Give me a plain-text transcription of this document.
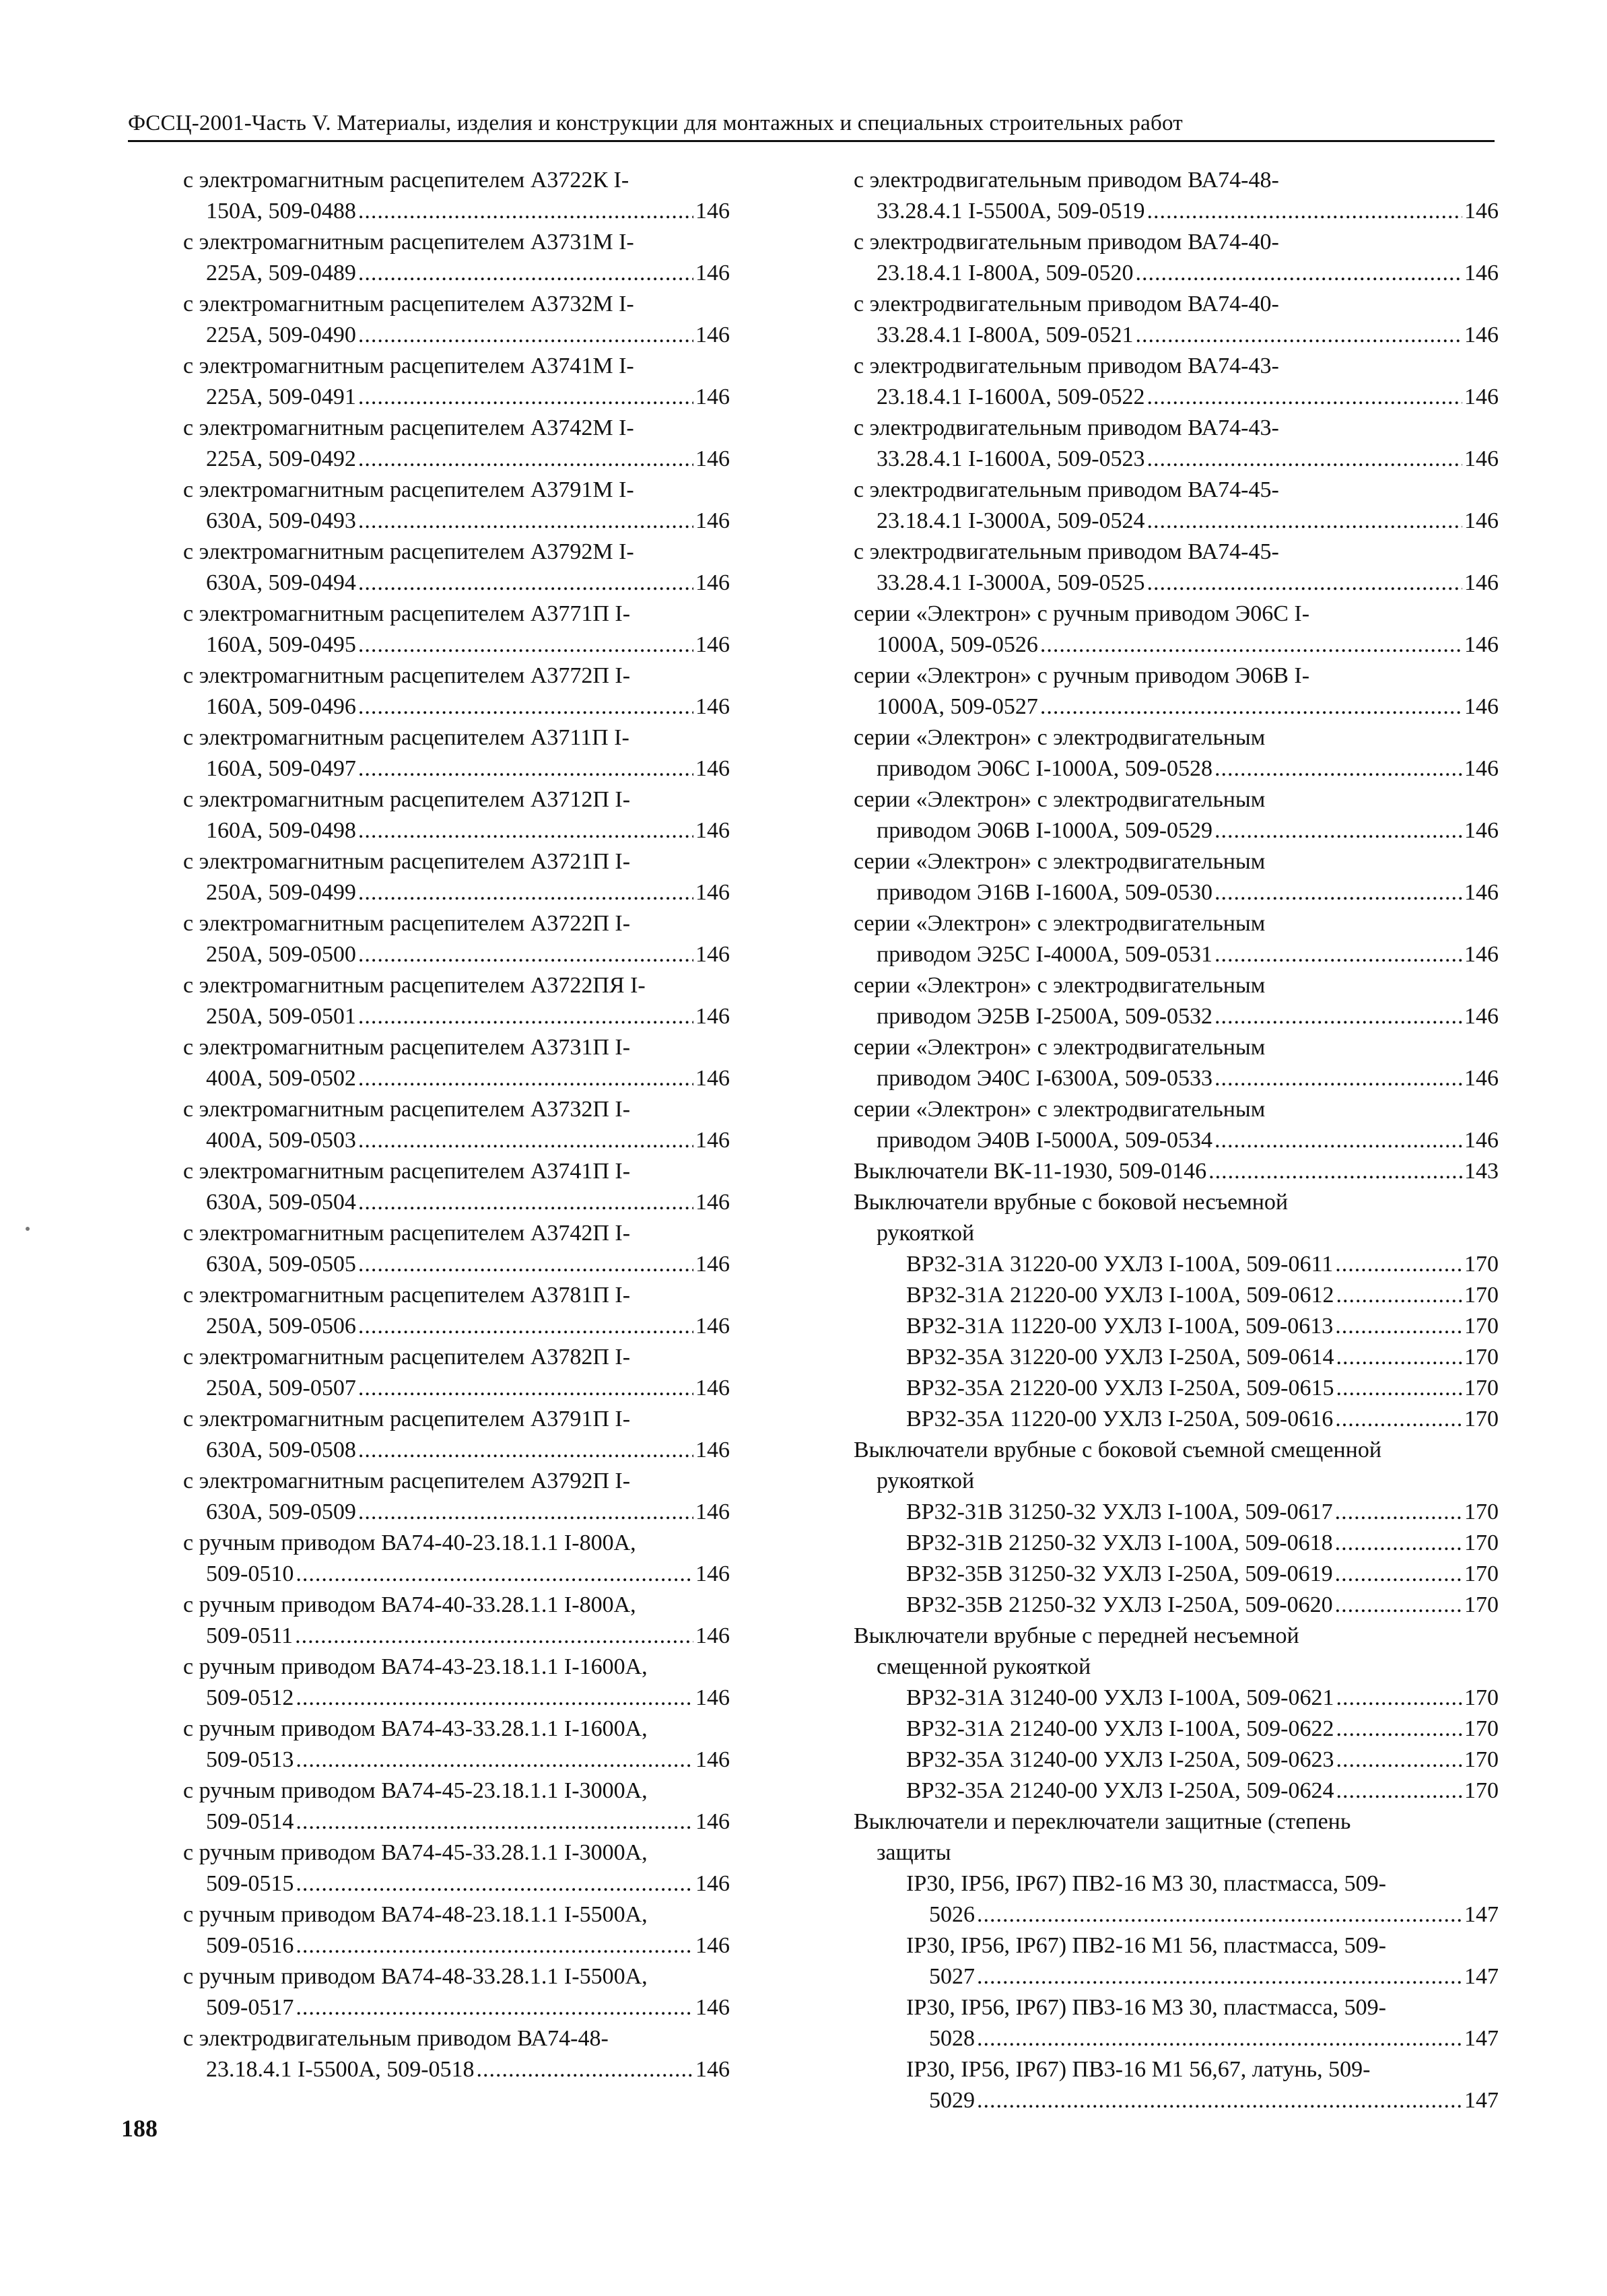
ФССЦ-2001-Часть V. Материалы, изделия и конструкции для монтажных и специальных строительных работ
с электромагнитным расцепителем А3722К I-
150А, 509-0488 .....	146
с электромагнитным расцепителем А3731М I-
225А, 509-0489 .....	146
с электромагнитным расцепителем А3732М I-
225А, 509-0490 .....	146
с электромагнитным расцепителем А3741М I-
225А, 509-0491 .....	146
с электромагнитным расцепителем А3742М I-
225А, 509-0492 .....	146
с электромагнитным расцепителем А3791М I-
630А, 509-0493 .....	146
с электромагнитным расцепителем А3792М I-
630А, 509-0494 .....	146
с электромагнитным расцепителем А3771П I-
160А, 509-0495 .....	146
с электромагнитным расцепителем А3772П I-
160А, 509-0496 .....	146
с электромагнитным расцепителем А3711П I-
160А, 509-0497 .....	146
с электромагнитным расцепителем А3712П I-
160А, 509-0498 .....	146
с электромагнитным расцепителем А3721П I-
250А, 509-0499 .....	146
с электромагнитным расцепителем А3722П I-
250А, 509-0500 .....	146
с электромагнитным расцепителем А3722ПЯ I-
250А, 509-0501 .....	146
с электромагнитным расцепителем А3731П I-
400А, 509-0502 .....	146
с электромагнитным расцепителем А3732П I-
400А, 509-0503 .....	146
с электромагнитным расцепителем А3741П I-
630А, 509-0504 .....	146
с электромагнитным расцепителем А3742П I-
630А, 509-0505 .....	146
с электромагнитным расцепителем А3781П I-
250А, 509-0506 .....	146
с электромагнитным расцепителем А3782П I-
250А, 509-0507 .....	146
с электромагнитным расцепителем А3791П I-
630А, 509-0508 .....	146
с электромагнитным расцепителем А3792П I-
630А, 509-0509 .....	146
с ручным приводом ВА74-40-23.18.1.1 I-800А,
509-0510 .....	146
с ручным приводом ВА74-40-33.28.1.1 I-800А,
509-0511 .....	146
с ручным приводом ВА74-43-23.18.1.1 I-1600А,
509-0512 .....	146
с ручным приводом ВА74-43-33.28.1.1 I-1600А,
509-0513 .....	146
с ручным приводом ВА74-45-23.18.1.1 I-3000А,
509-0514 .....	146
с ручным приводом ВА74-45-33.28.1.1 I-3000А,
509-0515 .....	146
с ручным приводом ВА74-48-23.18.1.1 I-5500А,
509-0516 .....	146
с ручным приводом ВА74-48-33.28.1.1 I-5500А,
509-0517 .....	146
с электродвигательным приводом ВА74-48-
23.18.4.1 I-5500А, 509-0518 .....	146
с электродвигательным приводом ВА74-48-
33.28.4.1 I-5500А, 509-0519 .....	146
с электродвигательным приводом ВА74-40-
23.18.4.1 I-800А, 509-0520 .....	146
с электродвигательным приводом ВА74-40-
33.28.4.1 I-800А, 509-0521 .....	146
с электродвигательным приводом ВА74-43-
23.18.4.1 I-1600А, 509-0522 .....	146
с электродвигательным приводом ВА74-43-
33.28.4.1 I-1600А, 509-0523 .....	146
с электродвигательным приводом ВА74-45-
23.18.4.1 I-3000А, 509-0524 .....	146
с электродвигательным приводом ВА74-45-
33.28.4.1 I-3000А, 509-0525 .....	146
серии «Электрон» с ручным приводом Э06С I-
1000А, 509-0526 .....	146
серии «Электрон» с ручным приводом Э06В I-
1000А, 509-0527 .....	146
серии «Электрон» с электродвигательным
приводом Э06С I-1000А, 509-0528 .....	146
серии «Электрон» с электродвигательным
приводом Э06В I-1000А, 509-0529 .....	146
серии «Электрон» с электродвигательным
приводом Э16В I-1600А, 509-0530 .....	146
серии «Электрон» с электродвигательным
приводом Э25С I-4000А, 509-0531 .....	146
серии «Электрон» с электродвигательным
приводом Э25В I-2500А, 509-0532 .....	146
серии «Электрон» с электродвигательным
приводом Э40С I-6300А, 509-0533 .....	146
серии «Электрон» с электродвигательным
приводом Э40В I-5000А, 509-0534 .....	146
Выключатели ВК-11-1930, 509-0146 .....	143
Выключатели врубные с боковой несъемной
рукояткой
ВР32-31А 31220-00 УХЛ3 I-100А, 509-0611 .....	170
ВР32-31А 21220-00 УХЛ3 I-100А, 509-0612 .....	170
ВР32-31А 11220-00 УХЛ3 I-100А, 509-0613 .....	170
ВР32-35А 31220-00 УХЛ3 I-250А, 509-0614 .....	170
ВР32-35А 21220-00 УХЛ3 I-250А, 509-0615 .....	170
ВР32-35А 11220-00 УХЛ3 I-250А, 509-0616 .....	170
Выключатели врубные с боковой съемной смещенной
рукояткой
ВР32-31В 31250-32 УХЛ3 I-100А, 509-0617 .....	170
ВР32-31В 21250-32 УХЛ3 I-100А, 509-0618 .....	170
ВР32-35В 31250-32 УХЛ3 I-250А, 509-0619 .....	170
ВР32-35В 21250-32 УХЛ3 I-250А, 509-0620 .....	170
Выключатели врубные с передней несъемной
смещенной рукояткой
ВР32-31А 31240-00 УХЛ3 I-100А, 509-0621 .....	170
ВР32-31А 21240-00 УХЛ3 I-100А, 509-0622 .....	170
ВР32-35А 31240-00 УХЛ3 I-250А, 509-0623 .....	170
ВР32-35А 21240-00 УХЛ3 I-250А, 509-0624 .....	170
Выключатели и переключатели защитные (степень
защиты
IP30, IP56, IP67) ПВ2-16 М3 30, пластмасса, 509-
5026 .....	147
IP30, IP56, IP67) ПВ2-16 М1 56, пластмасса, 509-
5027 .....	147
IP30, IP56, IP67) ПВ3-16 М3 30, пластмасса, 509-
5028 .....	147
IP30, IP56, IP67) ПВ3-16 М1 56,67, латунь, 509-
5029 .....	147
188
